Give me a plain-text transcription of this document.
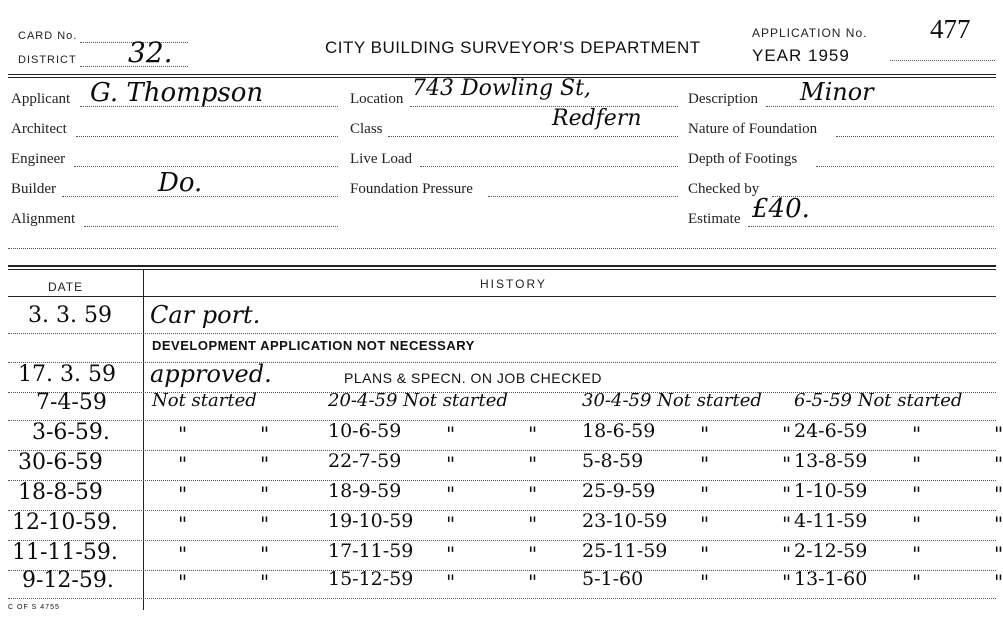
CARD No.
DISTRICT 32.	CITY BUILDING SURVEYOR'S DEPARTMENT
APPLICATION No. 477
YEAR 1959
Applicant G. Thompson
Architect
Engineer
Builder	Do.
Alignment
Location 743 Dowling St,
Class	Redfern
Live Load
Foundation Pressure
Description Minor
Nature of Foundation
Depth of Footings
Checked by
Estimate £40.
DATE	HISTORY
3. 3. 59 Car port.
DEVELOPMENT APPLICATION NOT NECESSARY
17. 3. 59 approved.	PLANS & SPECN. ON JOB CHECKED
7-4-59	Not started	20-4-59 Not started	30-4-59 Not started 6-5-59 Not started
3-6-59.	"	"	10-6-59 "	" 18-6-59 "	" 24-6-59 "	"
30-6-59	"	"	22-7-59 "	" 5-8-59	"	" 13-8-59 "	"
18-8-59	"	"	18-9-59 "	" 25-9-59 "	" 1-10-59 "	"
12-10-59.	"	"	19-10-59 "	" 23-10-59 "	" 4-11-59 "	"
11-11-59.	"	"	17-11-59 "	" 25-11-59 "	" 2-12-59 "	"
9-12-59.	"	"	15-12-59 "	" 5-1-60	"	" 13-1-60 "	"
C OF S 4755
